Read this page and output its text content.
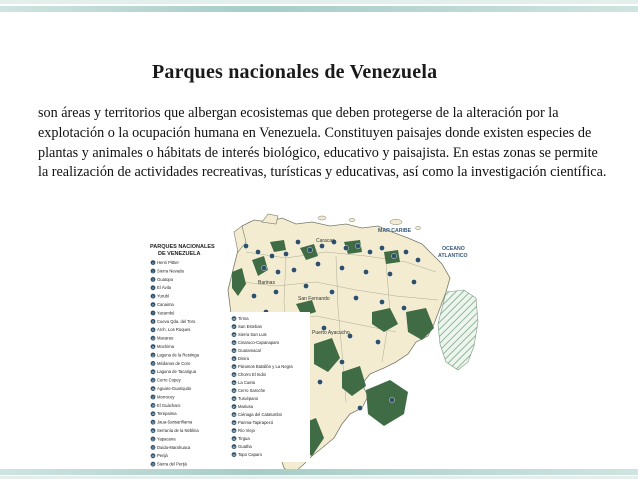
Parques nacionales de Venezuela
son áreas y territorios que albergan ecosistemas que deben protegerse de la alteración por la explotación o la ocupación humana en Venezuela. Constituyen paisajes donde existen especies de plantas y animales o hábitats de interés biológico, educativo y paisajista. En estas zonas se permite la realización de actividades recreativas, turísticas y educativas, así como la investigación científica.
PARQUES NACIONALES
DE VENEZUELA
1 Henri Pittier
2 Sierra Nevada
3 Guatopo
4 El Ávila
5 Yurubí
6 Canaima
7 Yacambú
8 Cueva Qda. del Toro
9 Arch. Los Roques
10 Macarao
11 Mochima
12 Laguna de la Restinga
13 Médanos de Coro
14 Laguna de Tacarigua
15 Cerro Copey
16 Aguaro-Guariquito
17 Morrocoy
18 El Guácharo
19 Terepaima
20 Jaua-Sarisariñama
21 Serranía de la Neblina
22 Yapacana
23 Duida-Marahuaca
24 Perijá
25 Sierra del Perijá
MAR CARIBE
OCEANO
ATLANTICO
Caracas
San Fernando
Barinas
Puerto Ayacucho
26 Tirma
27 San Esteban
28 Sierra San Luis
29 Cinaruco-Capanaparo
30 Guaramacal
31 Dinira
32 Páramos Batallón y La Negra
33 Chorro El Indio
34 La Cueta
35 Cerro Saroche
36 Turuépano
37 Mariusa
38 Ciénaga del Catatumbo
39 Parima-Tapirapecó
40 Río Viejo
41 Tirgua
42 Guatha
43 Tapo Caparo
